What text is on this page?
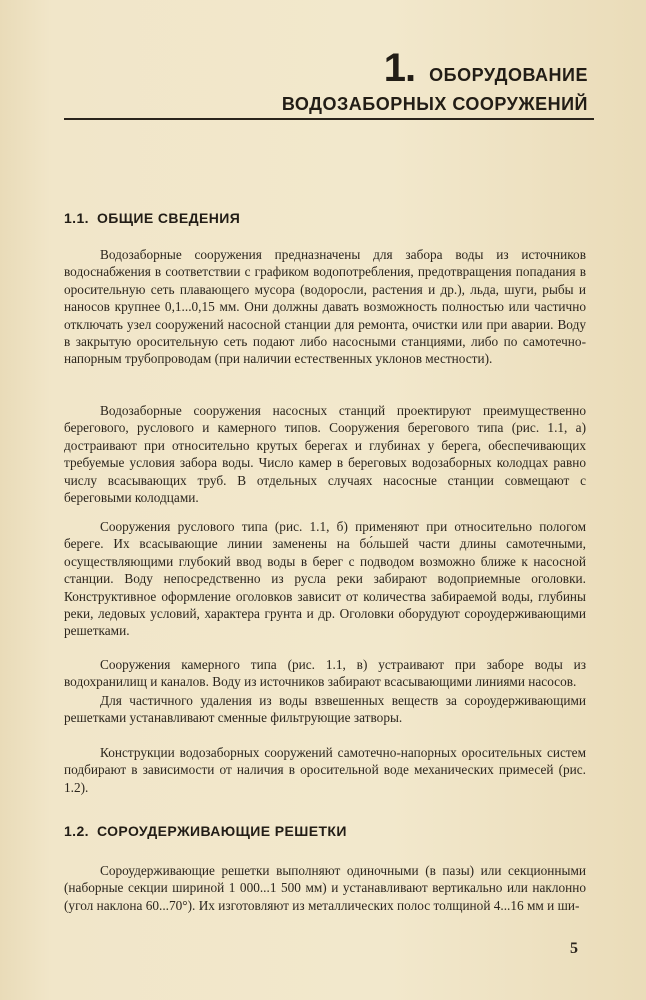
1. ОБОРУДОВАНИЕ
ВОДОЗАБОРНЫХ СООРУЖЕНИЙ
1.1. ОБЩИЕ СВЕДЕНИЯ

Водозаборные сооружения предназначены для забора воды из источников водоснабжения в соответствии с графиком водопотребления, предотвращения попадания в оросительную сеть плавающего мусора (водоросли, растения и др.), льда, шуги, рыбы и наносов крупнее 0,1...0,15 мм. Они должны давать возможность полностью или частично отключать узел сооружений насосной станции для ремонта, очистки или при аварии. Воду в закрытую оросительную сеть подают либо насосными станциями, либо по самотечно-напорным трубопроводам (при наличии естественных уклонов местности).

Водозаборные сооружения насосных станций проектируют преимущественно берегового, руслового и камерного типов. Сооружения берегового типа (рис. 1.1, а) достраивают при относительно крутых берегах и глубинах у берега, обеспечивающих требуемые условия забора воды. Число камер в береговых водозаборных колодцах равно числу всасывающих труб. В отдельных случаях насосные станции совмещают с береговыми колодцами.

Сооружения руслового типа (рис. 1.1, б) применяют при относительно пологом береге. Их всасывающие линии заменены на бо́льшей части длины самотечными, осуществляющими глубокий ввод воды в берег с подводом возможно ближе к насосной станции. Воду непосредственно из русла реки забирают водоприемные оголовки. Конструктивное оформление оголовков зависит от количества забираемой воды, глубины реки, ледовых условий, характера грунта и др. Оголовки оборудуют сороудерживающими решетками.

Сооружения камерного типа (рис. 1.1, в) устраивают при заборе воды из водохранилищ и каналов. Воду из источников забирают всасывающими линиями насосов.

Для частичного удаления из воды взвешенных веществ за сороудерживающими решетками устанавливают сменные фильтрующие затворы.

Конструкции водозаборных сооружений самотечно-напорных оросительных систем подбирают в зависимости от наличия в оросительной воде механических примесей (рис. 1.2).

1.2. СОРОУДЕРЖИВАЮЩИЕ РЕШЕТКИ

Сороудерживающие решетки выполняют одиночными (в пазы) или секционными (наборные секции шириной 1 000...1 500 мм) и устанавливают вертикально или наклонно (угол наклона 60...70°). Их изготовляют из металлических полос толщиной 4...16 мм и ши-

5
